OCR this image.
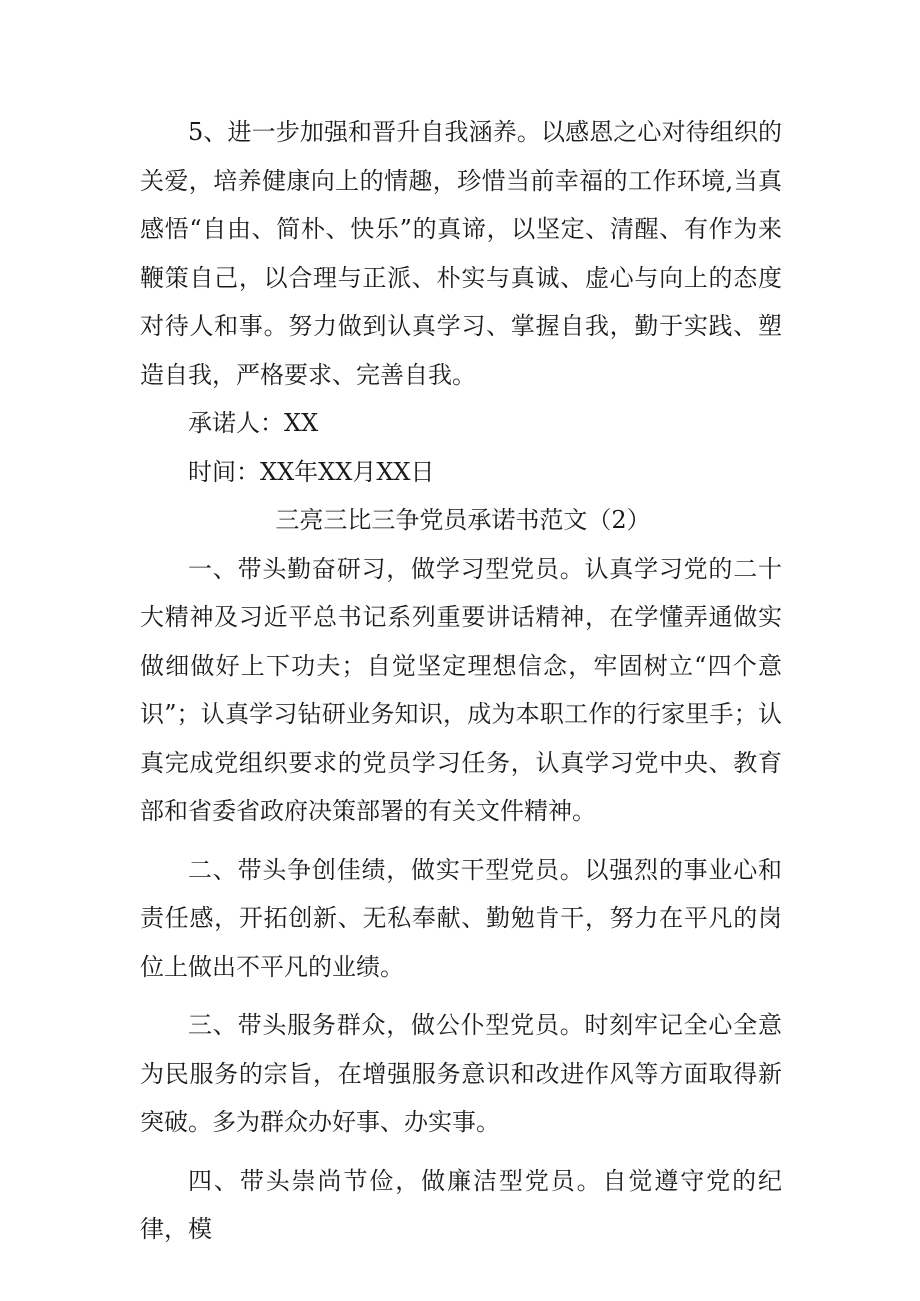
5、进一步加强和晋升自我涵养。以感恩之心对待组织的关爱，培养健康向上的情趣，珍惜当前幸福的工作环境,当真感悟“自由、简朴、快乐”的真谛，以坚定、清醒、有作为来鞭策自己，以合理与正派、朴实与真诚、虚心与向上的态度对待人和事。努力做到认真学习、掌握自我，勤于实践、塑造自我，严格要求、完善自我。

承诺人：XX

时间：XX年XX月XX日

三亮三比三争党员承诺书范文（2）

一、带头勤奋研习，做学习型党员。认真学习党的二十大精神及习近平总书记系列重要讲话精神，在学懂弄通做实做细做好上下功夫；自觉坚定理想信念，牢固树立“四个意识”；认真学习钻研业务知识，成为本职工作的行家里手；认真完成党组织要求的党员学习任务，认真学习党中央、教育部和省委省政府决策部署的有关文件精神。

二、带头争创佳绩，做实干型党员。以强烈的事业心和责任感，开拓创新、无私奉献、勤勉肯干，努力在平凡的岗位上做出不平凡的业绩。

三、带头服务群众，做公仆型党员。时刻牢记全心全意为民服务的宗旨，在增强服务意识和改进作风等方面取得新突破。多为群众办好事、办实事。

四、带头崇尚节俭，做廉洁型党员。自觉遵守党的纪律，模
